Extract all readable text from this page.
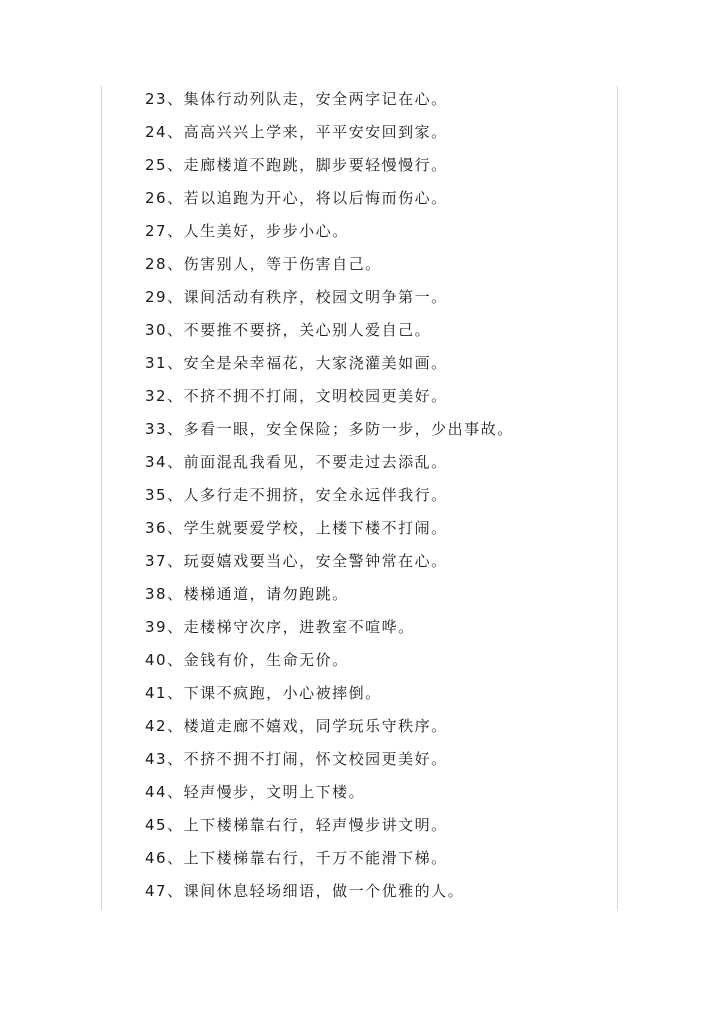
23、集体行动列队走，安全两字记在心。
24、高高兴兴上学来，平平安安回到家。
25、走廊楼道不跑跳，脚步要轻慢慢行。
26、若以追跑为开心，将以后悔而伤心。
27、人生美好，步步小心。
28、伤害别人，等于伤害自己。
29、课间活动有秩序，校园文明争第一。
30、不要推不要挤，关心别人爱自己。
31、安全是朵幸福花，大家浇灌美如画。
32、不挤不拥不打闹，文明校园更美好。
33、多看一眼，安全保险；多防一步，少出事故。
34、前面混乱我看见，不要走过去添乱。
35、人多行走不拥挤，安全永远伴我行。
36、学生就要爱学校，上楼下楼不打闹。
37、玩耍嬉戏要当心，安全警钟常在心。
38、楼梯通道，请勿跑跳。
39、走楼梯守次序，进教室不喧哗。
40、金钱有价，生命无价。
41、下课不疯跑，小心被摔倒。
42、楼道走廊不嬉戏，同学玩乐守秩序。
43、不挤不拥不打闹，怀文校园更美好。
44、轻声慢步，文明上下楼。
45、上下楼梯靠右行，轻声慢步讲文明。
46、上下楼梯靠右行，千万不能滑下梯。
47、课间休息轻场细语，做一个优雅的人。
